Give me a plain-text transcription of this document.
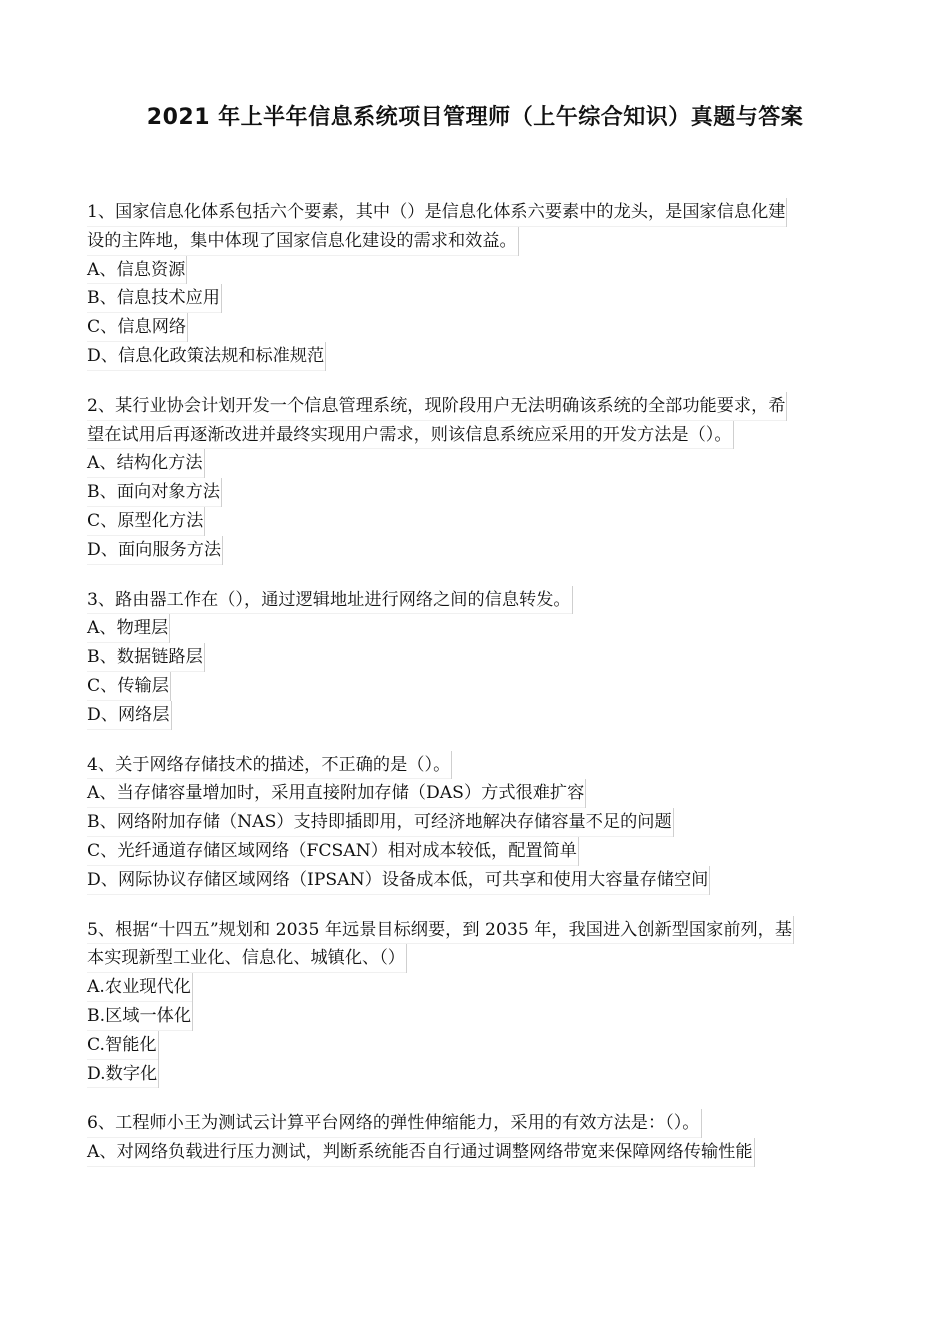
2021 年上半年信息系统项目管理师（上午综合知识）真题与答案
1、国家信息化体系包括六个要素，其中（）是信息化体系六要素中的龙头，是国家信息化建
设的主阵地，集中体现了国家信息化建设的需求和效益。
A、信息资源
B、信息技术应用
C、信息网络
D、信息化政策法规和标准规范
2、某行业协会计划开发一个信息管理系统，现阶段用户无法明确该系统的全部功能要求，希
望在试用后再逐渐改进并最终实现用户需求，则该信息系统应采用的开发方法是（）。
A、结构化方法
B、面向对象方法
C、原型化方法
D、面向服务方法
3、路由器工作在（），通过逻辑地址进行网络之间的信息转发。
A、物理层
B、数据链路层
C、传输层
D、网络层
4、关于网络存储技术的描述，不正确的是（）。
A、当存储容量增加时，采用直接附加存储（DAS）方式很难扩容
B、网络附加存储（NAS）支持即插即用，可经济地解决存储容量不足的问题
C、光纤通道存储区域网络（FCSAN）相对成本较低，配置简单
D、网际协议存储区域网络（IPSAN）设备成本低，可共享和使用大容量存储空间
5、根据“十四五”规划和 2035 年远景目标纲要，到 2035 年，我国进入创新型国家前列，基
本实现新型工业化、信息化、城镇化、（）
A.农业现代化
B.区域一体化
C.智能化
D.数字化
6、工程师小王为测试云计算平台网络的弹性伸缩能力，采用的有效方法是：（）。
A、对网络负载进行压力测试，判断系统能否自行通过调整网络带宽来保障网络传输性能
